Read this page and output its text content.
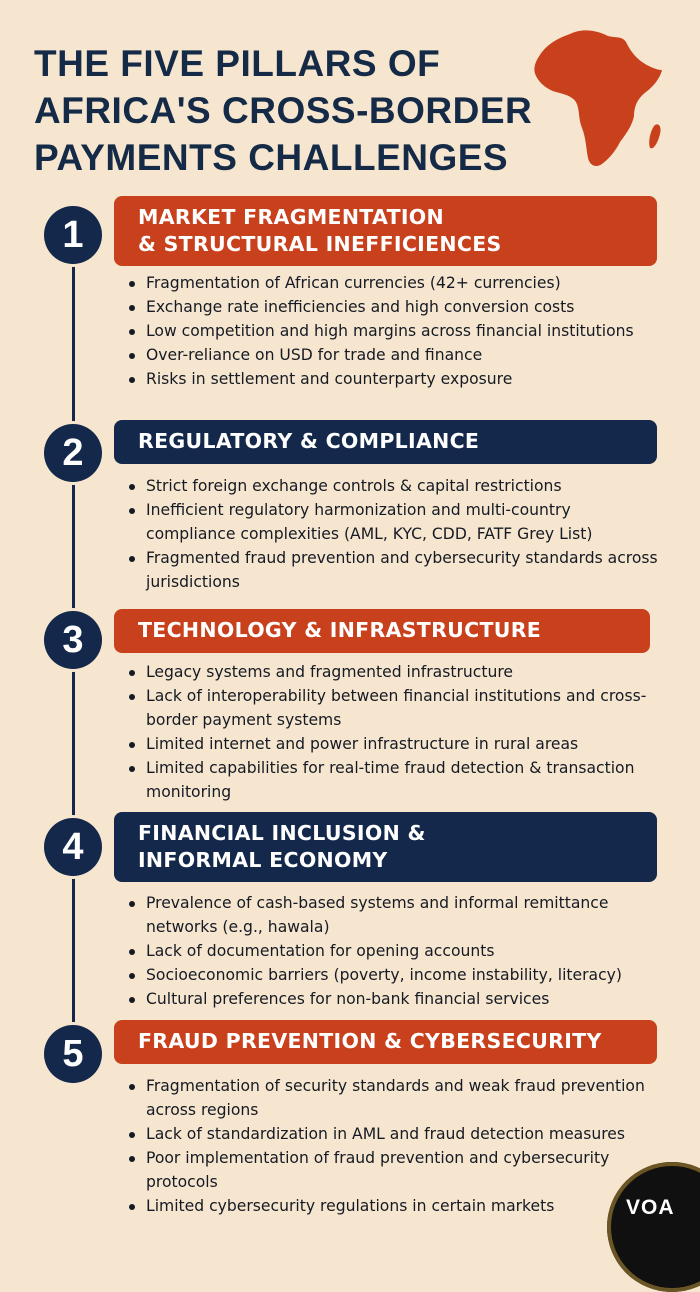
THE FIVE PILLARS OF
AFRICA'S CROSS-BORDER
PAYMENTS CHALLENGES
1	MARKET FRAGMENTATION
& STRUCTURAL INEFFICIENCES
Fragmentation of African currencies (42+ currencies)
Exchange rate inefficiencies and high conversion costs
Low competition and high margins across financial institutions
Over-reliance on USD for trade and finance
Risks in settlement and counterparty exposure
2	REGULATORY & COMPLIANCE
Strict foreign exchange controls & capital restrictions
Inefficient regulatory harmonization and multi-country compliance complexities (AML, KYC, CDD, FATF Grey List)
Fragmented fraud prevention and cybersecurity standards across jurisdictions
3	TECHNOLOGY & INFRASTRUCTURE
Legacy systems and fragmented infrastructure
Lack of interoperability between financial institutions and cross-border payment systems
Limited internet and power infrastructure in rural areas
Limited capabilities for real-time fraud detection & transaction monitoring
4	FINANCIAL INCLUSION &
INFORMAL ECONOMY
Prevalence of cash-based systems and informal remittance networks (e.g., hawala)
Lack of documentation for opening accounts
Socioeconomic barriers (poverty, income instability, literacy)
Cultural preferences for non-bank financial services
5	FRAUD PREVENTION & CYBERSECURITY
Fragmentation of security standards and weak fraud prevention across regions
Lack of standardization in AML and fraud detection measures
Poor implementation of fraud prevention and cybersecurity protocols
Limited cybersecurity regulations in certain markets	VOA
